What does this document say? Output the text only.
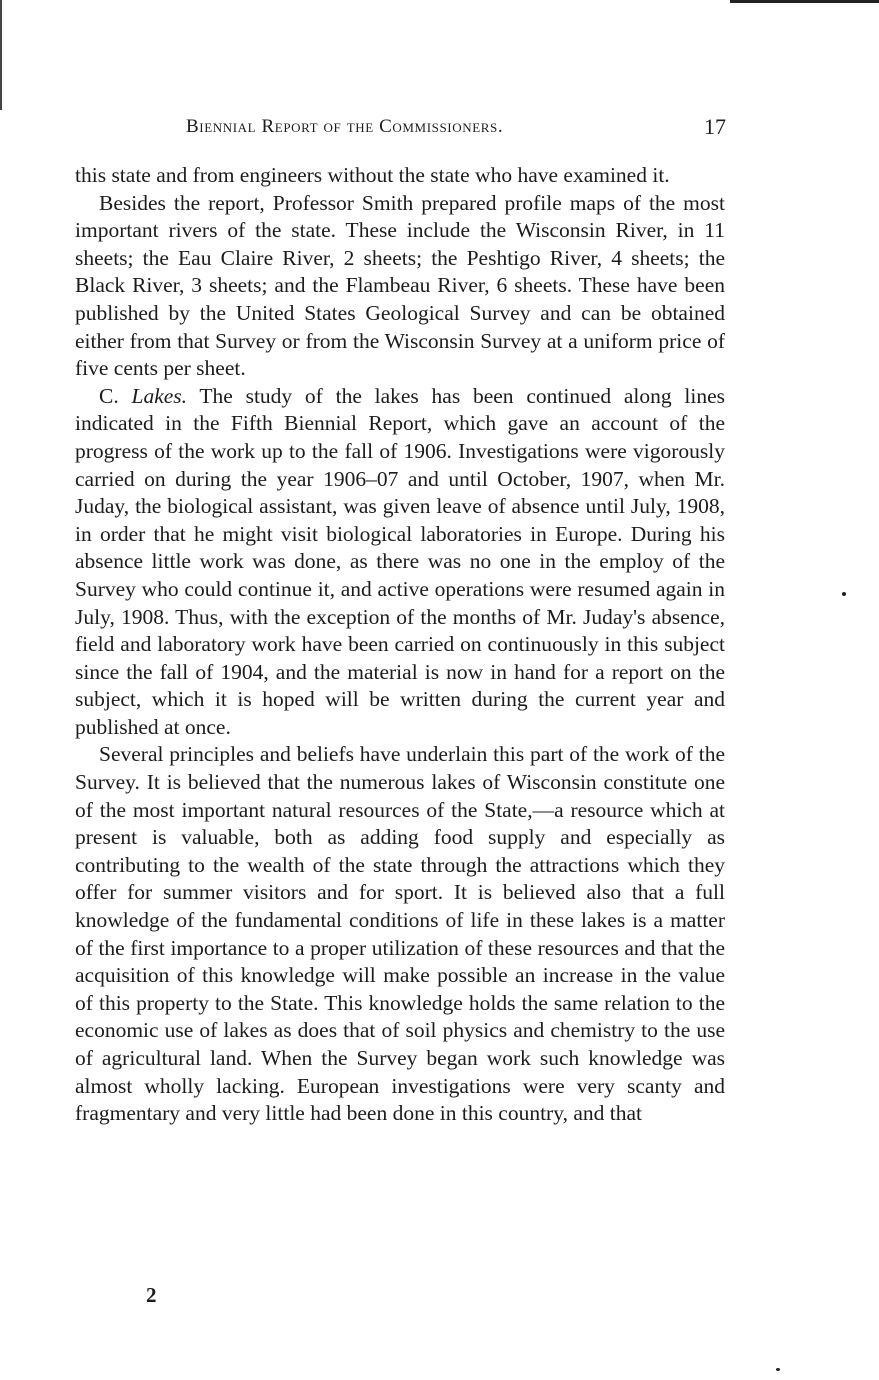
Biennial Report of the Commissioners.	17

this state and from engineers without the state who have examined it.

Besides the report, Professor Smith prepared profile maps of the most important rivers of the state. These include the Wisconsin River, in 11 sheets; the Eau Claire River, 2 sheets; the Peshtigo River, 4 sheets; the Black River, 3 sheets; and the Flambeau River, 6 sheets. These have been published by the United States Geological Survey and can be obtained either from that Survey or from the Wisconsin Survey at a uniform price of five cents per sheet.

C. Lakes. The study of the lakes has been continued along lines indicated in the Fifth Biennial Report, which gave an account of the progress of the work up to the fall of 1906. Investigations were vigorously carried on during the year 1906–07 and until October, 1907, when Mr. Juday, the biological assistant, was given leave of absence until July, 1908, in order that he might visit biological laboratories in Europe. During his absence little work was done, as there was no one in the employ of the Survey who could continue it, and active operations were resumed again in July, 1908. Thus, with the exception of the months of Mr. Juday's absence, field and laboratory work have been carried on continuously in this subject since the fall of 1904, and the material is now in hand for a report on the subject, which it is hoped will be written during the current year and published at once.

Several principles and beliefs have underlain this part of the work of the Survey. It is believed that the numerous lakes of Wisconsin constitute one of the most important natural resources of the State,—a resource which at present is valuable, both as adding food supply and especially as contributing to the wealth of the state through the attractions which they offer for summer visitors and for sport. It is believed also that a full knowledge of the fundamental conditions of life in these lakes is a matter of the first importance to a proper utilization of these resources and that the acquisition of this knowledge will make possible an increase in the value of this property to the State. This knowledge holds the same relation to the economic use of lakes as does that of soil physics and chemistry to the use of agricultural land. When the Survey began work such knowledge was almost wholly lacking. European investigations were very scanty and fragmentary and very little had been done in this country, and that

2
